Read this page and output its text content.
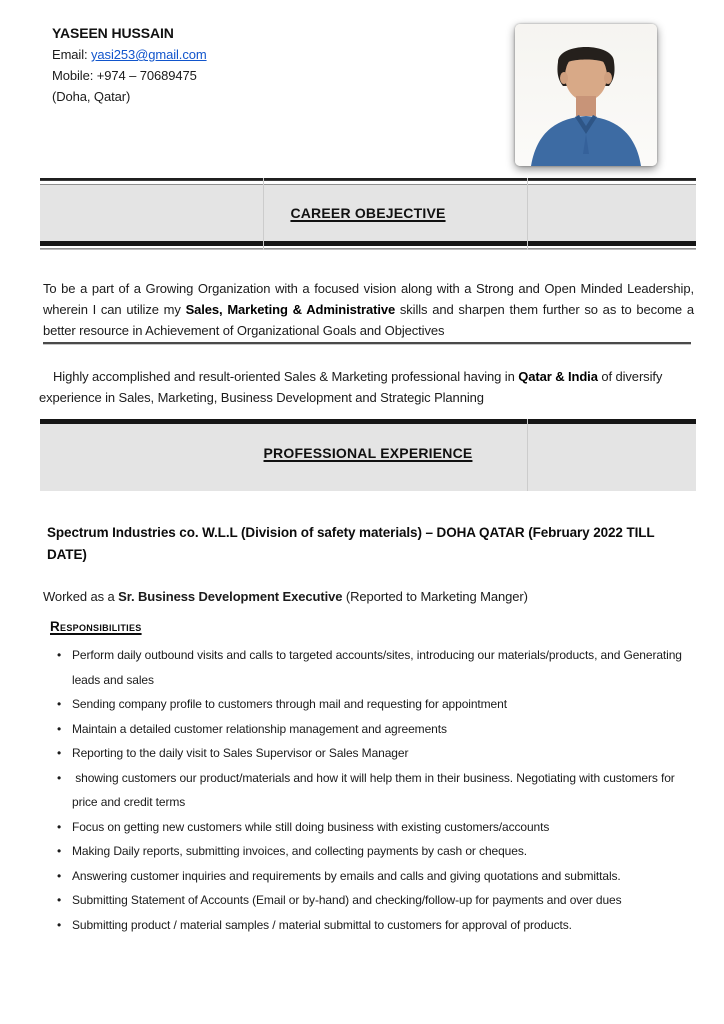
YASEEN HUSSAIN
Email: yasi253@gmail.com
Mobile: +974 – 70689475
(Doha, Qatar)
CAREER OBEJECTIVE

To be a part of a Growing Organization with a focused vision along with a Strong and Open Minded Leadership, wherein I can utilize my Sales, Marketing & Administrative skills and sharpen them further so as to become a better resource in Achievement of Organizational Goals and Objectives

Highly accomplished and result-oriented Sales & Marketing professional having in Qatar & India of diversify experience in Sales, Marketing, Business Development and Strategic Planning

PROFESSIONAL EXPERIENCE
Spectrum Industries co. W.L.L (Division of safety materials) – DOHA QATAR (February 2022 TILL DATE)

Worked as a Sr. Business Development Executive (Reported to Marketing Manger)

Responsibilities
• Perform daily outbound visits and calls to targeted accounts/sites, introducing our materials/products, and Generating leads and sales
• Sending company profile to customers through mail and requesting for appointment
• Maintain a detailed customer relationship management and agreements
• Reporting to the daily visit to Sales Supervisor or Sales Manager
• showing customers our product/materials and how it will help them in their business. Negotiating with customers for price and credit terms
• Focus on getting new customers while still doing business with existing customers/accounts
• Making Daily reports, submitting invoices, and collecting payments by cash or cheques.
• Answering customer inquiries and requirements by emails and calls and giving quotations and submittals.
• Submitting Statement of Accounts (Email or by-hand) and checking/follow-up for payments and over dues
• Submitting product / material samples / material submittal to customers for approval of products.
